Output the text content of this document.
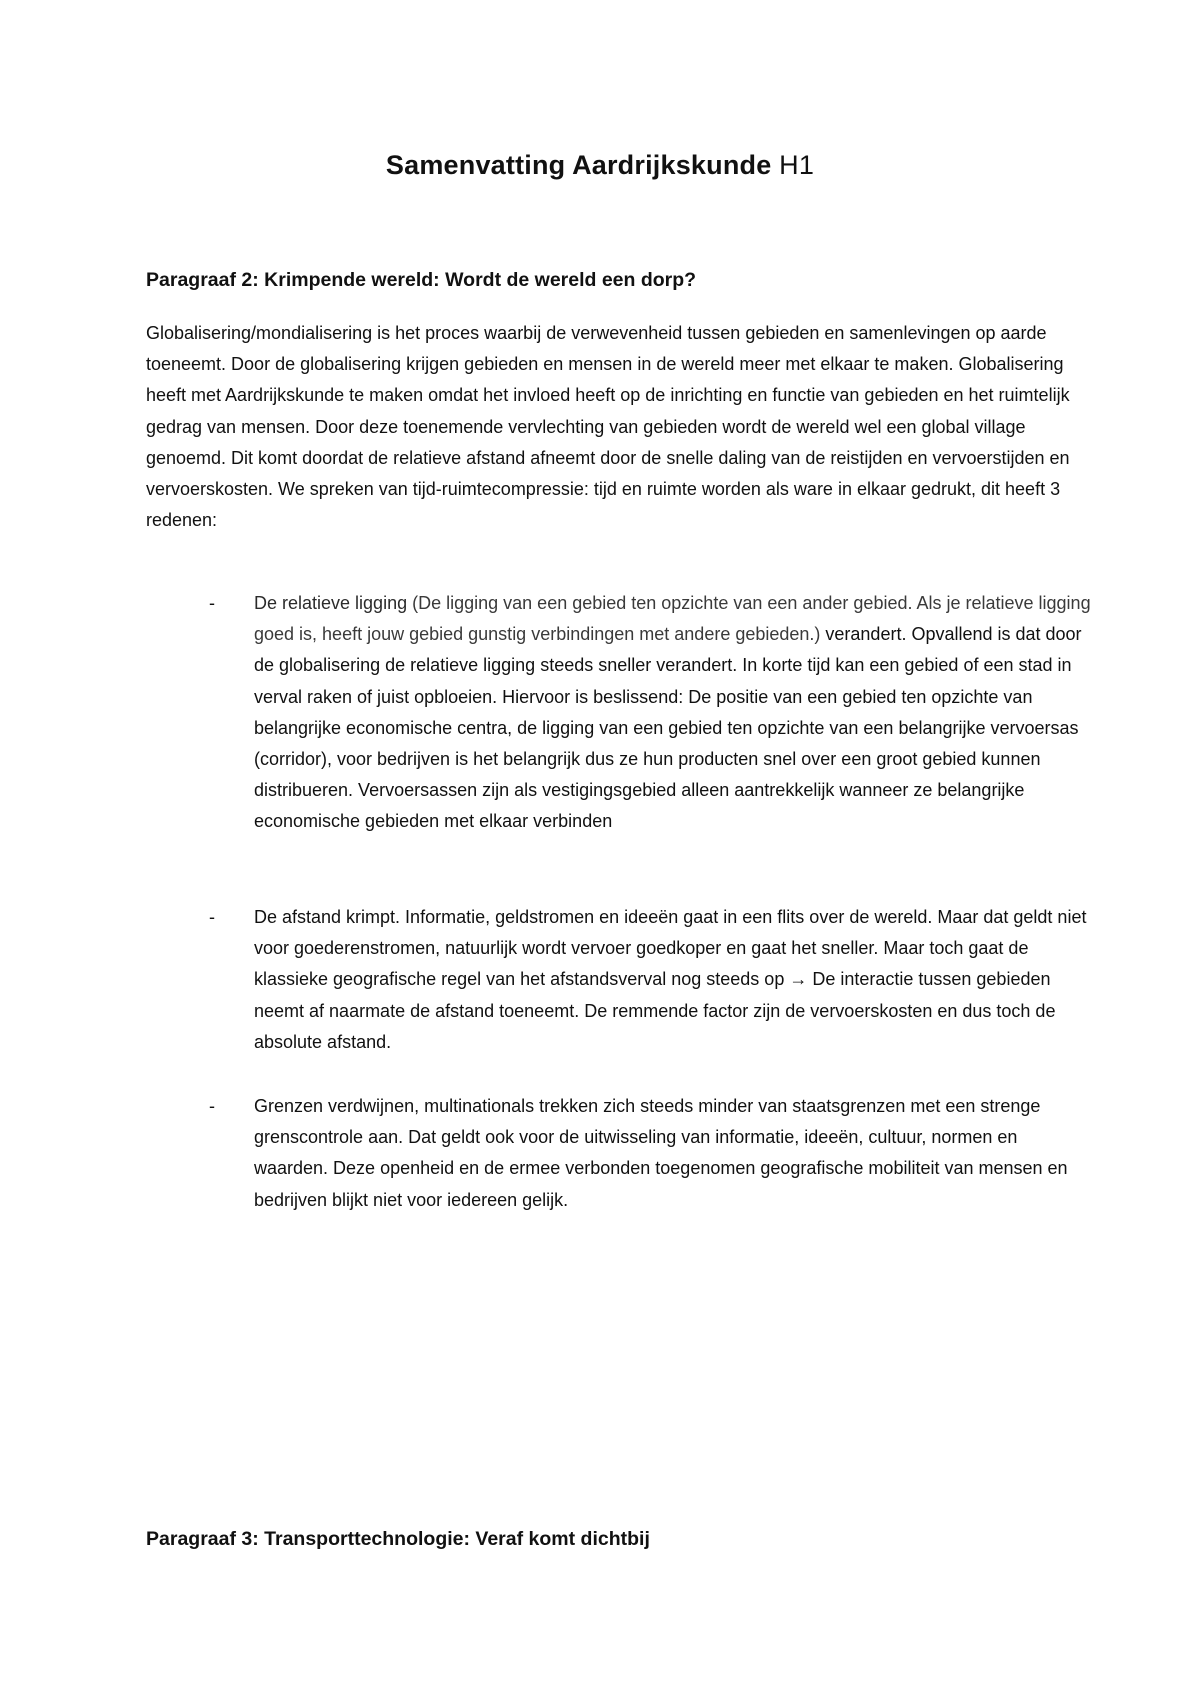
Samenvatting Aardrijkskunde H1
Paragraaf 2: Krimpende wereld: Wordt de wereld een dorp?
Globalisering/mondialisering is het proces waarbij de verwevenheid tussen gebieden en samenlevingen op aarde toeneemt. Door de globalisering krijgen gebieden en mensen in de wereld meer met elkaar te maken. Globalisering heeft met Aardrijkskunde te maken omdat het invloed heeft op de inrichting en functie van gebieden en het ruimtelijk gedrag van mensen. Door deze toenemende vervlechting van gebieden wordt de wereld wel een global village genoemd. Dit komt doordat de relatieve afstand afneemt door de snelle daling van de reistijden en vervoerstijden en vervoerskosten. We spreken van tijd-ruimtecompressie: tijd en ruimte worden als ware in elkaar gedrukt, dit heeft 3 redenen:
- De relatieve ligging (De ligging van een gebied ten opzichte van een ander gebied. Als je relatieve ligging goed is, heeft jouw gebied gunstig verbindingen met andere gebieden.) verandert. Opvallend is dat door de globalisering de relatieve ligging steeds sneller verandert. In korte tijd kan een gebied of een stad in verval raken of juist opbloeien. Hiervoor is beslissend: De positie van een gebied ten opzichte van belangrijke economische centra, de ligging van een gebied ten opzichte van een belangrijke vervoersas (corridor), voor bedrijven is het belangrijk dus ze hun producten snel over een groot gebied kunnen distribueren. Vervoersassen zijn als vestigingsgebied alleen aantrekkelijk wanneer ze belangrijke economische gebieden met elkaar verbinden
- De afstand krimpt. Informatie, geldstromen en ideeën gaat in een flits over de wereld. Maar dat geldt niet voor goederenstromen, natuurlijk wordt vervoer goedkoper en gaat het sneller. Maar toch gaat de klassieke geografische regel van het afstandsverval nog steeds op → De interactie tussen gebieden neemt af naarmate de afstand toeneemt. De remmende factor zijn de vervoerskosten en dus toch de absolute afstand.
- Grenzen verdwijnen, multinationals trekken zich steeds minder van staatsgrenzen met een strenge grenscontrole aan. Dat geldt ook voor de uitwisseling van informatie, ideeën, cultuur, normen en waarden. Deze openheid en de ermee verbonden toegenomen geografische mobiliteit van mensen en bedrijven blijkt niet voor iedereen gelijk.
Paragraaf 3: Transporttechnologie: Veraf komt dichtbij
